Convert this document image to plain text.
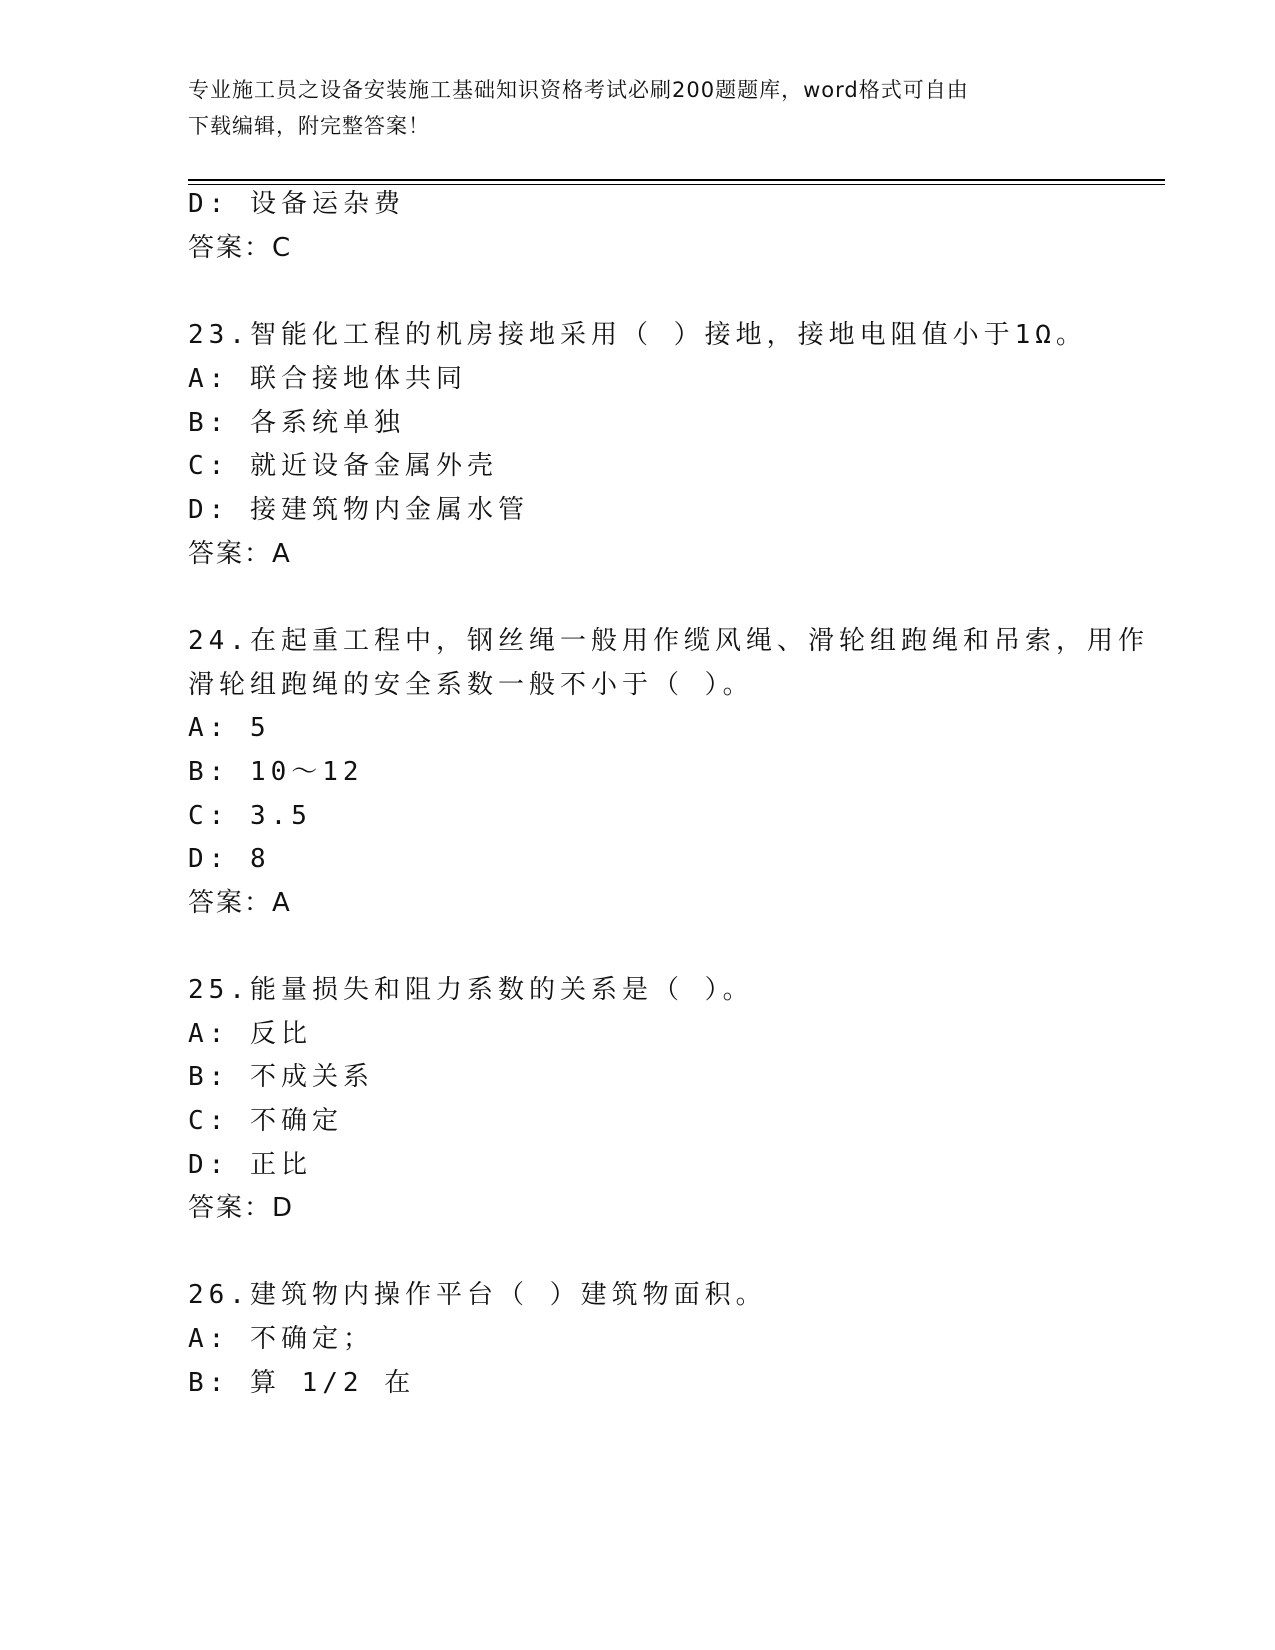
专业施工员之设备安装施工基础知识资格考试必刷200题题库，word格式可自由
下载编辑，附完整答案！
D: 设备运杂费
答案：C
23.智能化工程的机房接地采用（ ）接地，接地电阻值小于1Ω。
A: 联合接地体共同
B: 各系统单独
C: 就近设备金属外壳
D: 接建筑物内金属水管
答案：A
24.在起重工程中，钢丝绳一般用作缆风绳、滑轮组跑绳和吊索，用作
滑轮组跑绳的安全系数一般不小于（ ）。
A: 5
B: 10～12
C: 3.5
D: 8
答案：A
25.能量损失和阻力系数的关系是（ ）。
A: 反比
B: 不成关系
C: 不确定
D: 正比
答案：D
26.建筑物内操作平台（ ）建筑物面积。
A: 不确定；
B: 算 1/2 在
